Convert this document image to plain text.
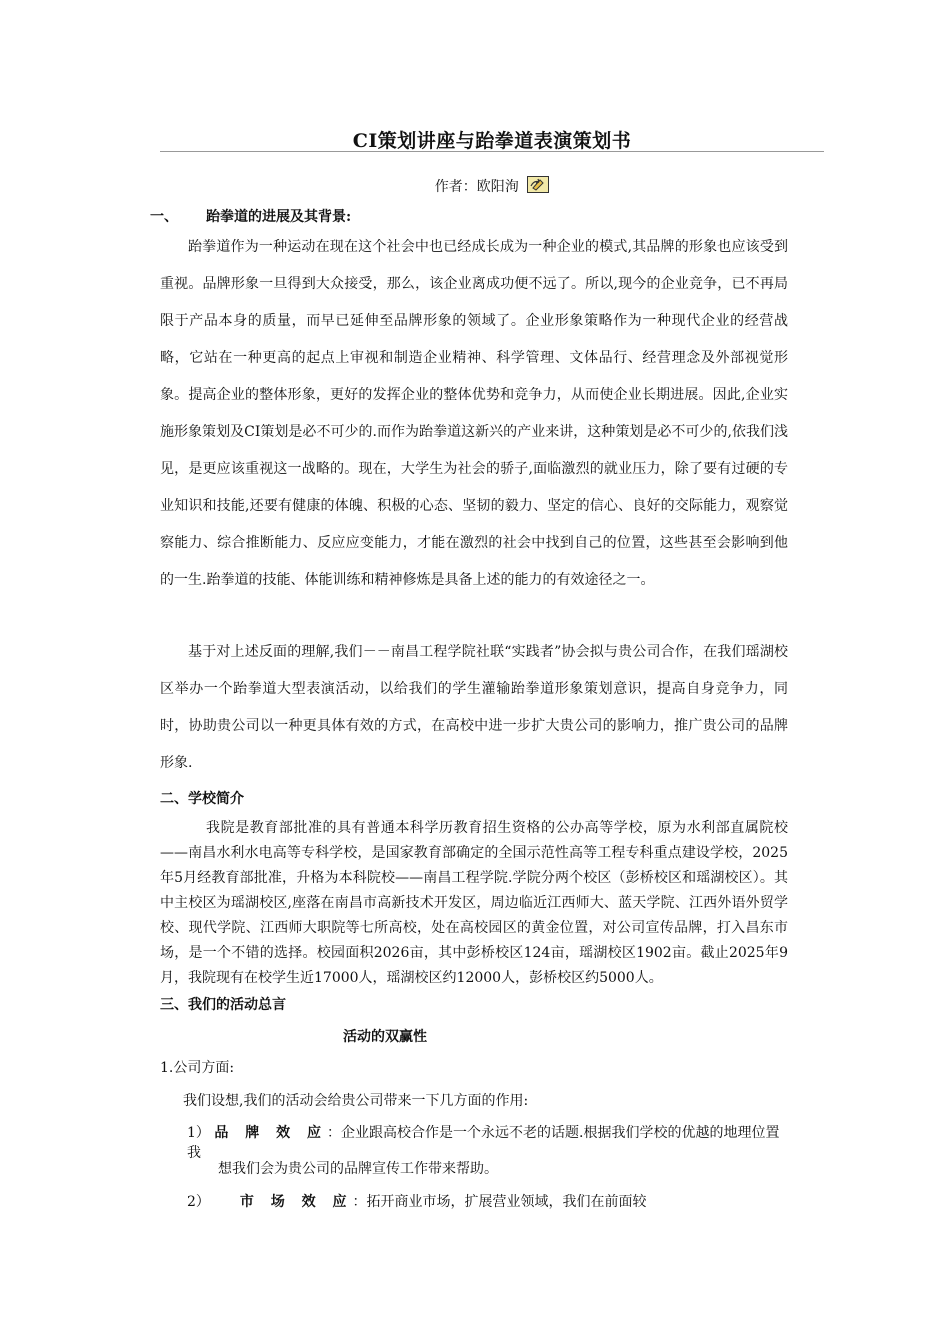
CI策划讲座与跆拳道表演策划书
作者：欧阳洵
一、 跆拳道的进展及其背景:

跆拳道作为一种运动在现在这个社会中也已经成长成为一种企业的模式,其品牌的形象也应该受到重视。品牌形象一旦得到大众接受，那么，该企业离成功便不远了。所以,现今的企业竞争，已不再局限于产品本身的质量，而早已延伸至品牌形象的领域了。企业形象策略作为一种现代企业的经营战略，它站在一种更高的起点上审视和制造企业精神、科学管理、文体品行、经营理念及外部视觉形象。提高企业的整体形象，更好的发挥企业的整体优势和竞争力，从而使企业长期进展。因此,企业实施形象策划及CI策划是必不可少的.而作为跆拳道这新兴的产业来讲，这种策划是必不可少的,依我们浅见，是更应该重视这一战略的。现在，大学生为社会的骄子,面临激烈的就业压力，除了要有过硬的专业知识和技能,还要有健康的体魄、积极的心态、坚韧的毅力、坚定的信心、良好的交际能力，观察觉察能力、综合推断能力、反应应变能力，才能在激烈的社会中找到自己的位置，这些甚至会影响到他的一生.跆拳道的技能、体能训练和精神修炼是具备上述的能力的有效途径之一。

基于对上述反面的理解,我们－－南昌工程学院社联“实践者”协会拟与贵公司合作，在我们瑶湖校区举办一个跆拳道大型表演活动，以给我们的学生灌输跆拳道形象策划意识，提高自身竞争力，同时，协助贵公司以一种更具体有效的方式，在高校中进一步扩大贵公司的影响力，推广贵公司的品牌形象.

二、学校简介

我院是教育部批准的具有普通本科学历教育招生资格的公办高等学校，原为水利部直属院校——南昌水利水电高等专科学校，是国家教育部确定的全国示范性高等工程专科重点建设学校，2025年5月经教育部批准，升格为本科院校——南昌工程学院.学院分两个校区（彭桥校区和瑶湖校区）。其中主校区为瑶湖校区,座落在南昌市高新技术开发区，周边临近江西师大、蓝天学院、江西外语外贸学校、现代学院、江西师大职院等七所高校，处在高校园区的黄金位置，对公司宣传品牌，打入昌东市场，是一个不错的选择。校园面积2026亩，其中彭桥校区124亩，瑶湖校区1902亩。截止2025年9月，我院现有在校学生近17000人，瑶湖校区约12000人，彭桥校区约5000人。

三、我们的活动总言
活动的双赢性

1.公司方面:

我们设想,我们的活动会给贵公司带来一下几方面的作用:

1） 品 牌 效 应：企业跟高校合作是一个永远不老的话题.根据我们学校的优越的地理位置我

想我们会为贵公司的品牌宣传工作带来帮助。

2） 市 场 效 应：拓开商业市场，扩展营业领域，我们在前面较
